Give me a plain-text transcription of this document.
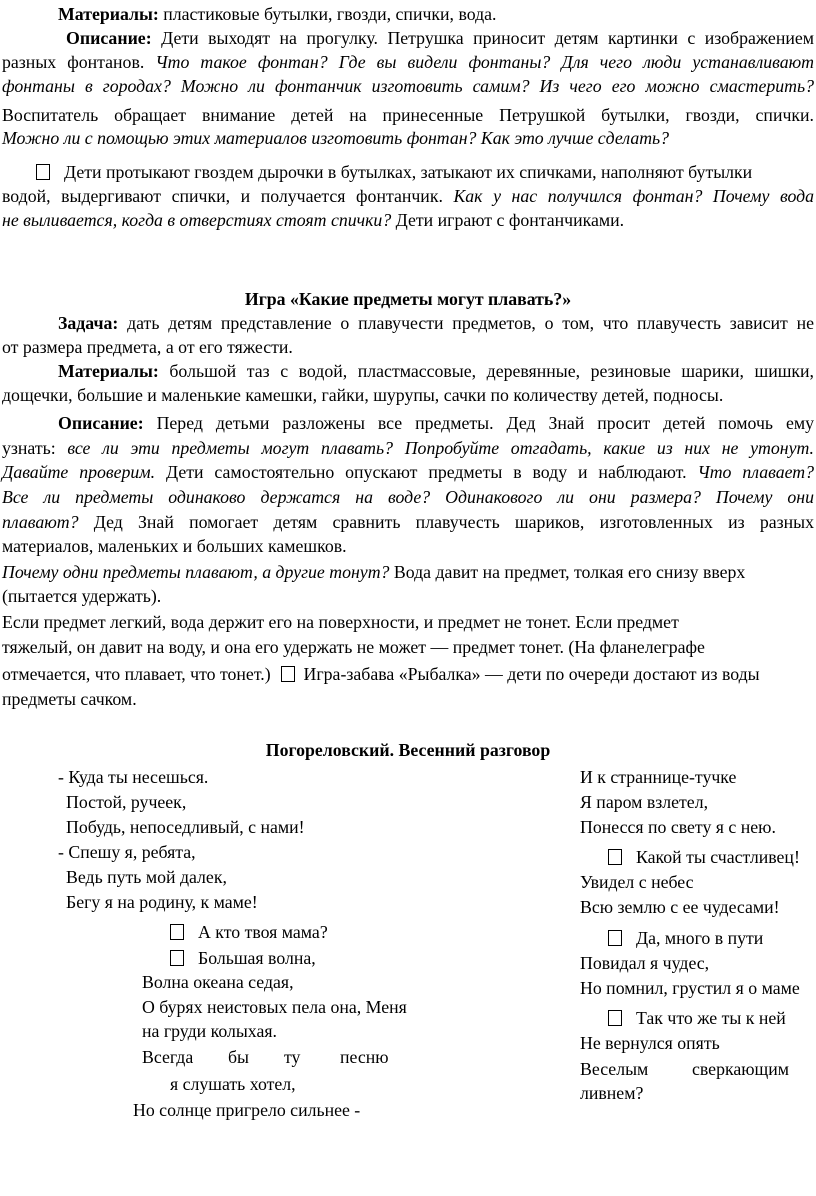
Материалы: пластиковые бутылки, гвозди, спички, вода.
Описание: Дети выходят на прогулку. Петрушка приносит детям картинки с изображением
разных фонтанов. Что такое фонтан? Где вы видели фонтаны? Для чего люди устанавливают
фонтаны в городах? Можно ли фонтанчик изготовить самим? Из чего его можно смастерить?
Воспитатель обращает внимание детей на принесенные Петрушкой бутылки, гвозди, спички.
Можно ли с помощью этих материалов изготовить фонтан? Как это лучше сделать?
Дети протыкают гвоздем дырочки в бутылках, затыкают их спичками, наполняют бутылки
водой, выдергивают спички, и получается фонтанчик. Как у нас получился фонтан? Почему вода
не выливается, когда в отверстиях стоят спички? Дети играют с фонтанчиками.
Игра «Какие предметы могут плавать?»
Задача: дать детям представление о плавучести предметов, о том, что плавучесть зависит не
от размера предмета, а от его тяжести.
Материалы: большой таз с водой, пластмассовые, деревянные, резиновые шарики, шишки,
дощечки, большие и маленькие камешки, гайки, шурупы, сачки по количеству детей, подносы.
Описание: Перед детьми разложены все предметы. Дед Знай просит детей помочь ему
узнать: все ли эти предметы могут плавать? Попробуйте отгадать, какие из них не утонут.
Давайте проверим. Дети самостоятельно опускают предметы в воду и наблюдают. Что плавает?
Все ли предметы одинаково держатся на воде? Одинакового ли они размера? Почему они
плавают? Дед Знай помогает детям сравнить плавучесть шариков, изготовленных из разных
материалов, маленьких и больших камешков.
Почему одни предметы плавают, а другие тонут? Вода давит на предмет, толкая его снизу вверх
(пытается удержать).
Если предмет легкий, вода держит его на поверхности, и предмет не тонет. Если предмет
тяжелый, он давит на воду, и она его удержать не может — предмет тонет. (На фланелеграфе
отмечается, что плавает, что тонет.)  Игра-забава «Рыбалка» — дети по очереди достают из воды
предметы сачком.
Погореловский. Весенний разговор
- Куда ты несешься.
Постой, ручеек,
Побудь, непоседливый, с нами!
- Спешу я, ребята,
Ведь путь мой далек,
Бегу я на родину, к маме!
А кто твоя мама?
Большая волна,
Волна океана седая,
О бурях неистовых пела она, Меня
на груди колыхая.
Всегда бы ту песню
я слушать хотел,
Но солнце пригрело сильнее -
И к страннице-тучке
Я паром взлетел,
Понесся по свету я с нею.
Какой ты счастливец!
Увидел с небес
Всю землю с ее чудесами!
Да, много в пути
Повидал я чудес,
Но помнил, грустил я о маме
Так что же ты к ней
Не вернулся опять
Веселым сверкающим
ливнем?
